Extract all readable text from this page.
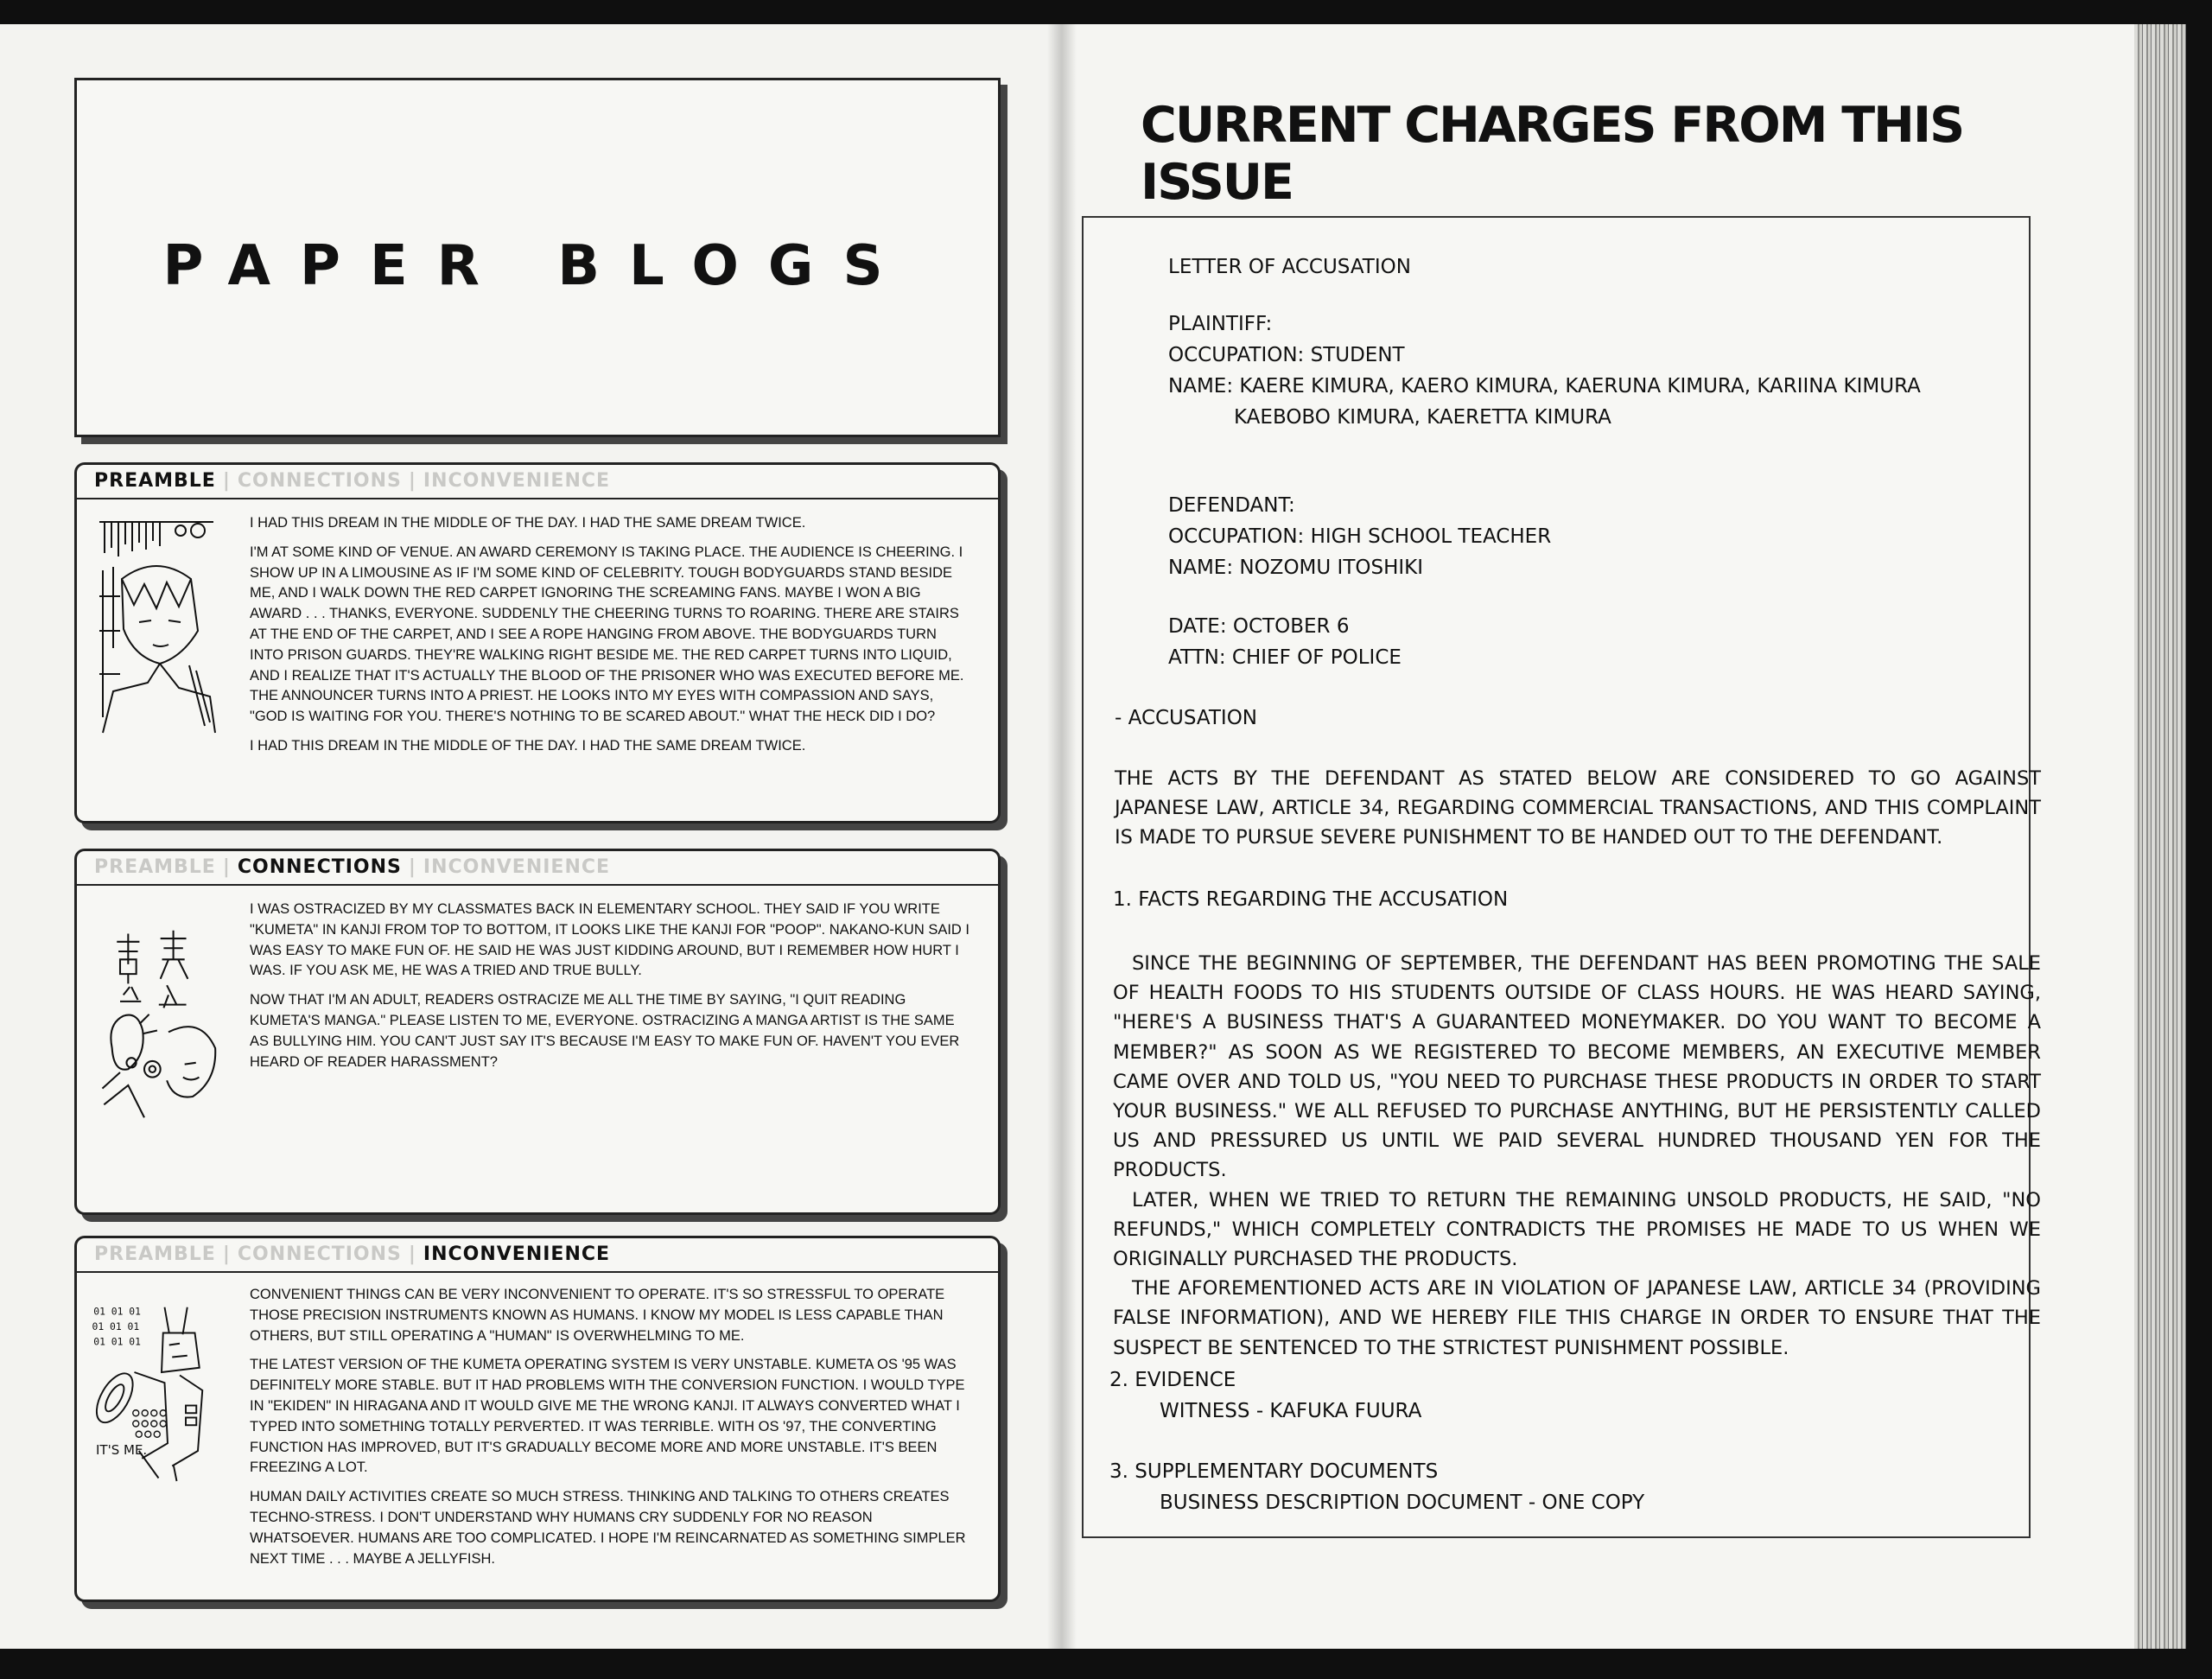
PAPER BLOGS
PREAMBLE | CONNECTIONS | INCONVENIENCE

I HAD THIS DREAM IN THE MIDDLE OF THE DAY. I HAD THE SAME DREAM TWICE.

I'M AT SOME KIND OF VENUE. AN AWARD CEREMONY IS TAKING PLACE. THE AUDIENCE IS CHEERING. I SHOW UP IN A LIMOUSINE AS IF I'M SOME KIND OF CELEBRITY. TOUGH BODYGUARDS STAND BESIDE ME, AND I WALK DOWN THE RED CARPET IGNORING THE SCREAMING FANS. MAYBE I WON A BIG AWARD . . . THANKS, EVERYONE. SUDDENLY THE CHEERING TURNS TO ROARING. THERE ARE STAIRS AT THE END OF THE CARPET, AND I SEE A ROPE HANGING FROM ABOVE. THE BODYGUARDS TURN INTO PRISON GUARDS. THEY'RE WALKING RIGHT BESIDE ME. THE RED CARPET TURNS INTO LIQUID, AND I REALIZE THAT IT'S ACTUALLY THE BLOOD OF THE PRISONER WHO WAS EXECUTED BEFORE ME. THE ANNOUNCER TURNS INTO A PRIEST. HE LOOKS INTO MY EYES WITH COMPASSION AND SAYS, "GOD IS WAITING FOR YOU. THERE'S NOTHING TO BE SCARED ABOUT." WHAT THE HECK DID I DO?

I HAD THIS DREAM IN THE MIDDLE OF THE DAY. I HAD THE SAME DREAM TWICE.

PREAMBLE | CONNECTIONS | INCONVENIENCE

I WAS OSTRACIZED BY MY CLASSMATES BACK IN ELEMENTARY SCHOOL. THEY SAID IF YOU WRITE "KUMETA" IN KANJI FROM TOP TO BOTTOM, IT LOOKS LIKE THE KANJI FOR "POOP". NAKANO-KUN SAID I WAS EASY TO MAKE FUN OF. HE SAID HE WAS JUST KIDDING AROUND, BUT I REMEMBER HOW HURT I WAS. IF YOU ASK ME, HE WAS A TRIED AND TRUE BULLY.

NOW THAT I'M AN ADULT, READERS OSTRACIZE ME ALL THE TIME BY SAYING, "I QUIT READING KUMETA'S MANGA." PLEASE LISTEN TO ME, EVERYONE. OSTRACIZING A MANGA ARTIST IS THE SAME AS BULLYING HIM. YOU CAN'T JUST SAY IT'S BECAUSE I'M EASY TO MAKE FUN OF. HAVEN'T YOU EVER HEARD OF READER HARASSMENT?

PREAMBLE | CONNECTIONS | INCONVENIENCE
01 01 01
01 01 01
01 01 01
IT'S ME.

CONVENIENT THINGS CAN BE VERY INCONVENIENT TO OPERATE. IT'S SO STRESSFUL TO OPERATE THOSE PRECISION INSTRUMENTS KNOWN AS HUMANS. I KNOW MY MODEL IS LESS CAPABLE THAN OTHERS, BUT STILL OPERATING A "HUMAN" IS OVERWHELMING TO ME.

THE LATEST VERSION OF THE KUMETA OPERATING SYSTEM IS VERY UNSTABLE. KUMETA OS '95 WAS DEFINITELY MORE STABLE. BUT IT HAD PROBLEMS WITH THE CONVERSION FUNCTION. I WOULD TYPE IN "EKIDEN" IN HIRAGANA AND IT WOULD GIVE ME THE WRONG KANJI. IT ALWAYS CONVERTED WHAT I TYPED INTO SOMETHING TOTALLY PERVERTED. IT WAS TERRIBLE. WITH OS '97, THE CONVERTING FUNCTION HAS IMPROVED, BUT IT'S GRADUALLY BECOME MORE AND MORE UNSTABLE. IT'S BEEN FREEZING A LOT.

HUMAN DAILY ACTIVITIES CREATE SO MUCH STRESS. THINKING AND TALKING TO OTHERS CREATES TECHNO-STRESS. I DON'T UNDERSTAND WHY HUMANS CRY SUDDENLY FOR NO REASON WHATSOEVER. HUMANS ARE TOO COMPLICATED. I HOPE I'M REINCARNATED AS SOMETHING SIMPLER NEXT TIME . . . MAYBE A JELLYFISH.

CURRENT CHARGES FROM THIS ISSUE
LETTER OF ACCUSATION
PLAINTIFF:
OCCUPATION: STUDENT
NAME: KAERE KIMURA, KAERO KIMURA, KAERUNA KIMURA, KARIINA KIMURA
KAEBOBO KIMURA, KAERETTA KIMURA
DEFENDANT:
OCCUPATION: HIGH SCHOOL TEACHER
NAME: NOZOMU ITOSHIKI
DATE: OCTOBER 6
ATTN: CHIEF OF POLICE
- ACCUSATION

THE ACTS BY THE DEFENDANT AS STATED BELOW ARE CONSIDERED TO GO AGAINST JAPANESE LAW, ARTICLE 34, REGARDING COMMERCIAL TRANSACTIONS, AND THIS COMPLAINT IS MADE TO PURSUE SEVERE PUNISHMENT TO BE HANDED OUT TO THE DEFENDANT.

1. FACTS REGARDING THE ACCUSATION

SINCE THE BEGINNING OF SEPTEMBER, THE DEFENDANT HAS BEEN PROMOTING THE SALE OF HEALTH FOODS TO HIS STUDENTS OUTSIDE OF CLASS HOURS. HE WAS HEARD SAYING, "HERE'S A BUSINESS THAT'S A GUARANTEED MONEYMAKER. DO YOU WANT TO BECOME A MEMBER?" AS SOON AS WE REGISTERED TO BECOME MEMBERS, AN EXECUTIVE MEMBER CAME OVER AND TOLD US, "YOU NEED TO PURCHASE THESE PRODUCTS IN ORDER TO START YOUR BUSINESS." WE ALL REFUSED TO PURCHASE ANYTHING, BUT HE PERSISTENTLY CALLED US AND PRESSURED US UNTIL WE PAID SEVERAL HUNDRED THOUSAND YEN FOR THE PRODUCTS.

LATER, WHEN WE TRIED TO RETURN THE REMAINING UNSOLD PRODUCTS, HE SAID, "NO REFUNDS," WHICH COMPLETELY CONTRADICTS THE PROMISES HE MADE TO US WHEN WE ORIGINALLY PURCHASED THE PRODUCTS.

THE AFOREMENTIONED ACTS ARE IN VIOLATION OF JAPANESE LAW, ARTICLE 34 (PROVIDING FALSE INFORMATION), AND WE HEREBY FILE THIS CHARGE IN ORDER TO ENSURE THAT THE SUSPECT BE SENTENCED TO THE STRICTEST PUNISHMENT POSSIBLE.

2. EVIDENCE
WITNESS - KAFUKA FUURA
3. SUPPLEMENTARY DOCUMENTS
BUSINESS DESCRIPTION DOCUMENT - ONE COPY
